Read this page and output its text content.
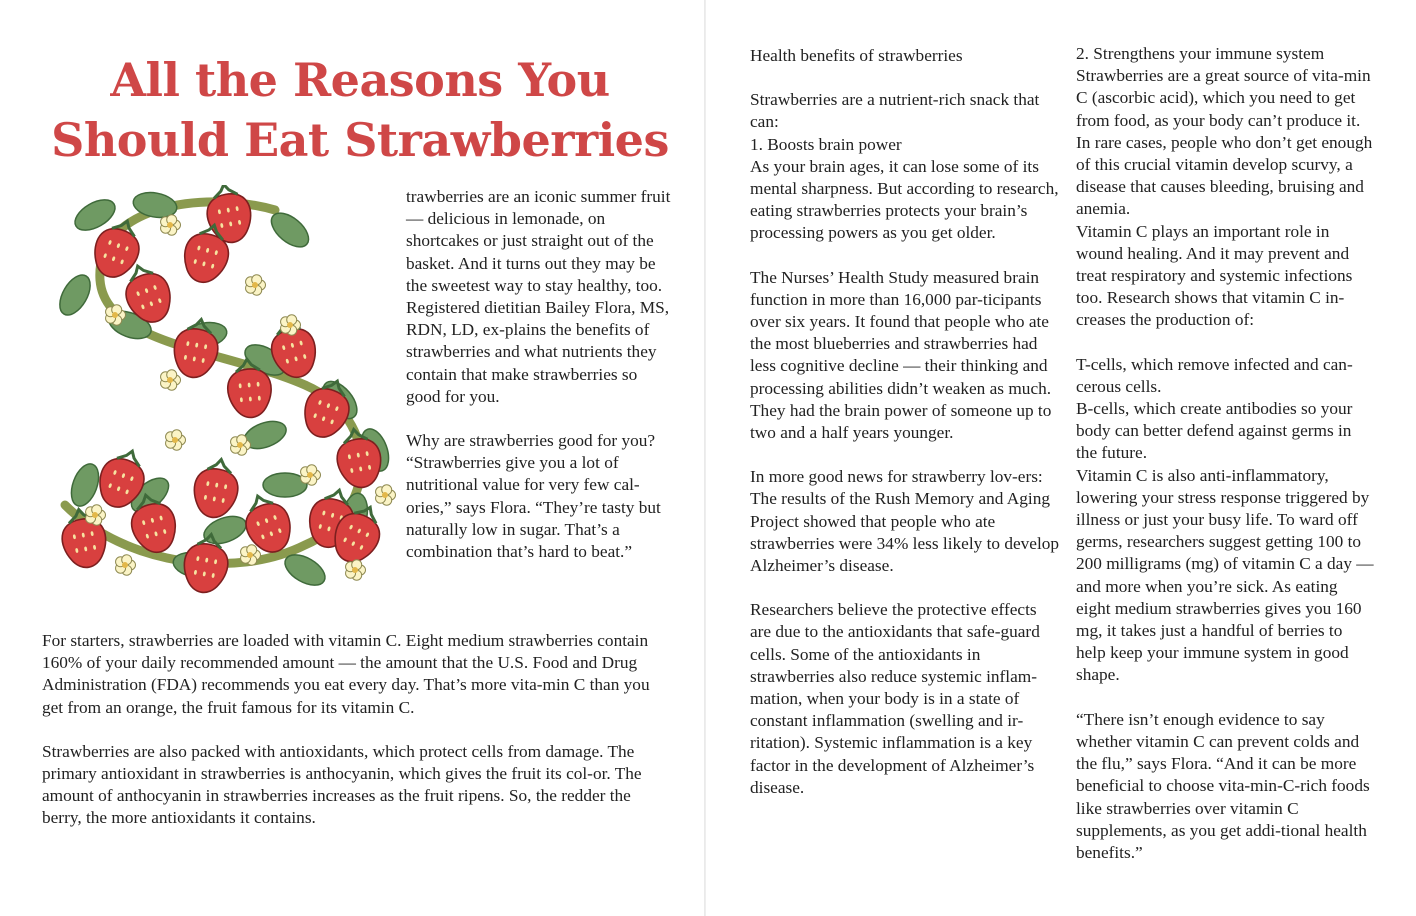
All the Reasons You
Should Eat Strawberries

trawberries are an iconic summer fruit — delicious in lemonade, on shortcakes or just straight out of the basket. And it turns out they may be the sweetest way to stay healthy, too. Registered dietitian Bailey Flora, MS, RDN, LD, ex-plains the benefits of strawberries and what nutrients they contain that make strawberries so good for you.

Why are strawberries good for you?

“Strawberries give you a lot of nutritional value for very few cal-ories,” says Flora. “They’re tasty but naturally low in sugar. That’s a combination that’s hard to beat.”

For starters, strawberries are loaded with vitamin C. Eight medium strawberries contain 160% of your daily recommended amount — the amount that the U.S. Food and Drug Administration (FDA) recommends you eat every day. That’s more vita-min C than you get from an orange, the fruit famous for its vitamin C.

Strawberries are also packed with antioxidants, which protect cells from damage. The primary antioxidant in strawberries is anthocyanin, which gives the fruit its col-or. The amount of anthocyanin in strawberries increases as the fruit ripens. So, the redder the berry, the more antioxidants it contains.

Health benefits of strawberries

Strawberries are a nutrient-rich snack that can:

1. Boosts brain power

As your brain ages, it can lose some of its mental sharpness. But according to research, eating strawberries protects your brain’s processing powers as you get older.

The Nurses’ Health Study measured brain function in more than 16,000 par-ticipants over six years. It found that people who ate the most blueberries and strawberries had less cognitive decline — their thinking and processing abilities didn’t weaken as much. They had the brain power of someone up to two and a half years younger.

In more good news for strawberry lov-ers: The results of the Rush Memory and Aging Project showed that people who ate strawberries were 34% less likely to develop Alzheimer’s disease.

Researchers believe the protective effects are due to the antioxidants that safe-guard cells. Some of the antioxidants in strawberries also reduce systemic inflam-mation, when your body is in a state of constant inflammation (swelling and ir-ritation). Systemic inflammation is a key factor in the development of Alzheimer’s disease.

2. Strengthens your immune system

Strawberries are a great source of vita-min C (ascorbic acid), which you need to get from food, as your body can’t produce it. In rare cases, people who don’t get enough of this crucial vitamin develop scurvy, a disease that causes bleeding, bruising and anemia.

Vitamin C plays an important role in wound healing. And it may prevent and treat respiratory and systemic infections too. Research shows that vitamin C in-creases the production of:

T-cells, which remove infected and can-cerous cells.

B-cells, which create antibodies so your body can better defend against germs in the future.

Vitamin C is also anti-inflammatory, lowering your stress response triggered by illness or just your busy life. To ward off germs, researchers suggest getting 100 to 200 milligrams (mg) of vitamin C a day — and more when you’re sick. As eating eight medium strawberries gives you 160 mg, it takes just a handful of berries to help keep your immune system in good shape.

“There isn’t enough evidence to say whether vitamin C can prevent colds and the flu,” says Flora. “And it can be more beneficial to choose vita-min-C-rich foods like strawberries over vitamin C supplements, as you get addi-tional health benefits.”
